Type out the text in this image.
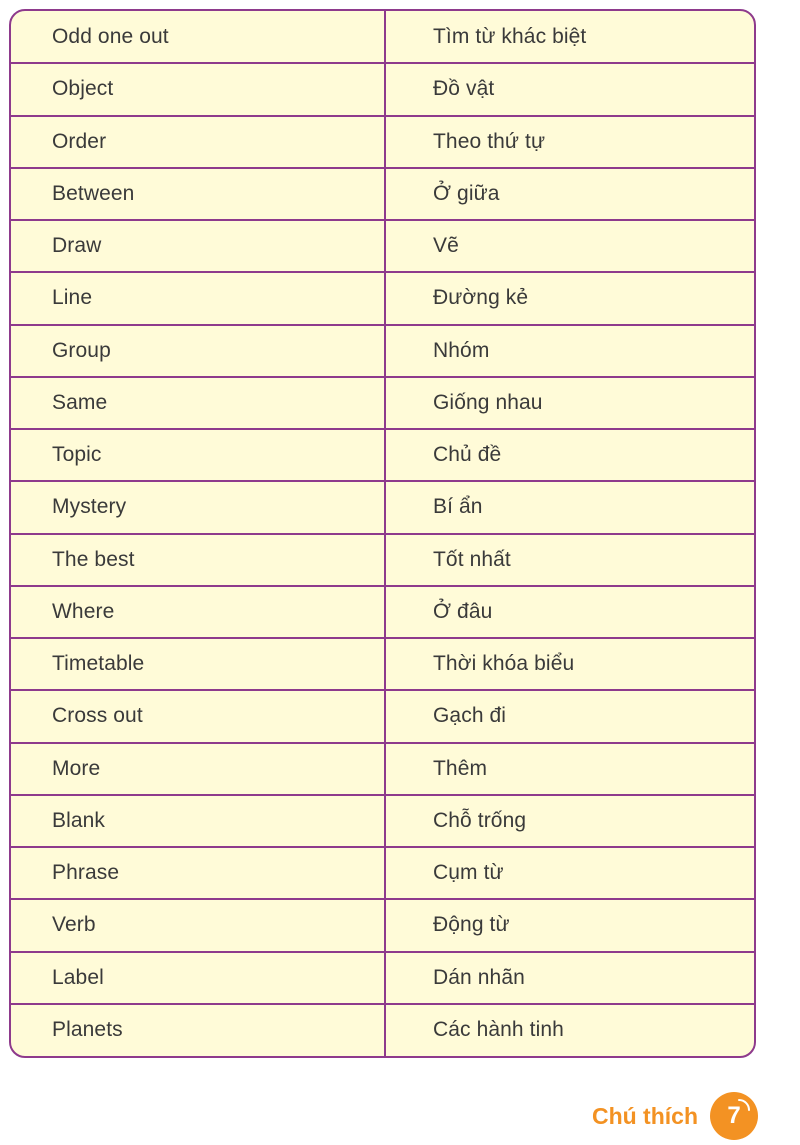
Odd one out	Tìm từ khác biệt
Object	Đồ vật
Order	Theo thứ tự
Between	Ở giữa
Draw	Vẽ
Line	Đường kẻ
Group	Nhóm
Same	Giống nhau
Topic	Chủ đề
Mystery	Bí ẩn
The best	Tốt nhất
Where	Ở đâu
Timetable	Thời khóa biểu
Cross out	Gạch đi
More	Thêm
Blank	Chỗ trống
Phrase	Cụm từ
Verb	Động từ
Label	Dán nhãn
Planets	Các hành tinh
Chú thích 7
